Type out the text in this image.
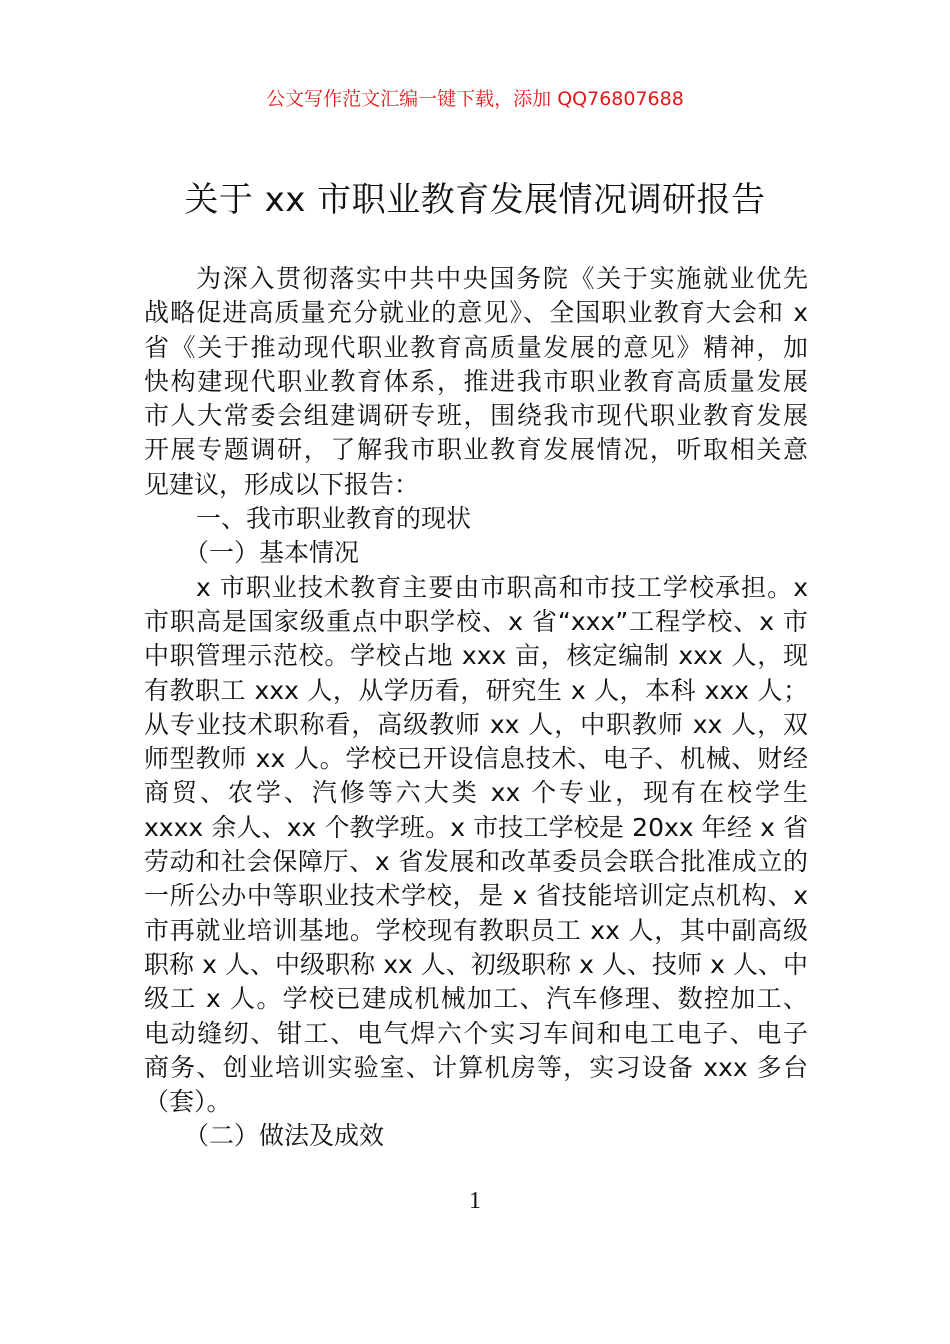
公文写作范文汇编一键下载，添加 QQ76807688
关于 xx 市职业教育发展情况调研报告
为深入贯彻落实中共中央国务院《关于实施就业优先
战略促进高质量充分就业的意见》、全国职业教育大会和 x
省《关于推动现代职业教育高质量发展的意见》精神，加
快构建现代职业教育体系，推进我市职业教育高质量发展
市人大常委会组建调研专班，围绕我市现代职业教育发展
开展专题调研，了解我市职业教育发展情况，听取相关意
见建议，形成以下报告：
一、我市职业教育的现状
（一）基本情况
x 市职业技术教育主要由市职高和市技工学校承担。x
市职高是国家级重点中职学校、x 省“xxx”工程学校、x 市
中职管理示范校。学校占地 xxx 亩，核定编制 xxx 人，现
有教职工 xxx 人，从学历看，研究生 x 人，本科 xxx 人；
从专业技术职称看，高级教师 xx 人，中职教师 xx 人，双
师型教师 xx 人。学校已开设信息技术、电子、机械、财经
商贸、农学、汽修等六大类 xx 个专业，现有在校学生
xxxx 余人、xx 个教学班。x 市技工学校是 20xx 年经 x 省
劳动和社会保障厅、x 省发展和改革委员会联合批准成立的
一所公办中等职业技术学校，是 x 省技能培训定点机构、x
市再就业培训基地。学校现有教职员工 xx 人，其中副高级
职称 x 人、中级职称 xx 人、初级职称 x 人、技师 x 人、中
级工 x 人。学校已建成机械加工、汽车修理、数控加工、
电动缝纫、钳工、电气焊六个实习车间和电工电子、电子
商务、创业培训实验室、计算机房等，实习设备 xxx 多台
（套）。
（二）做法及成效
1
